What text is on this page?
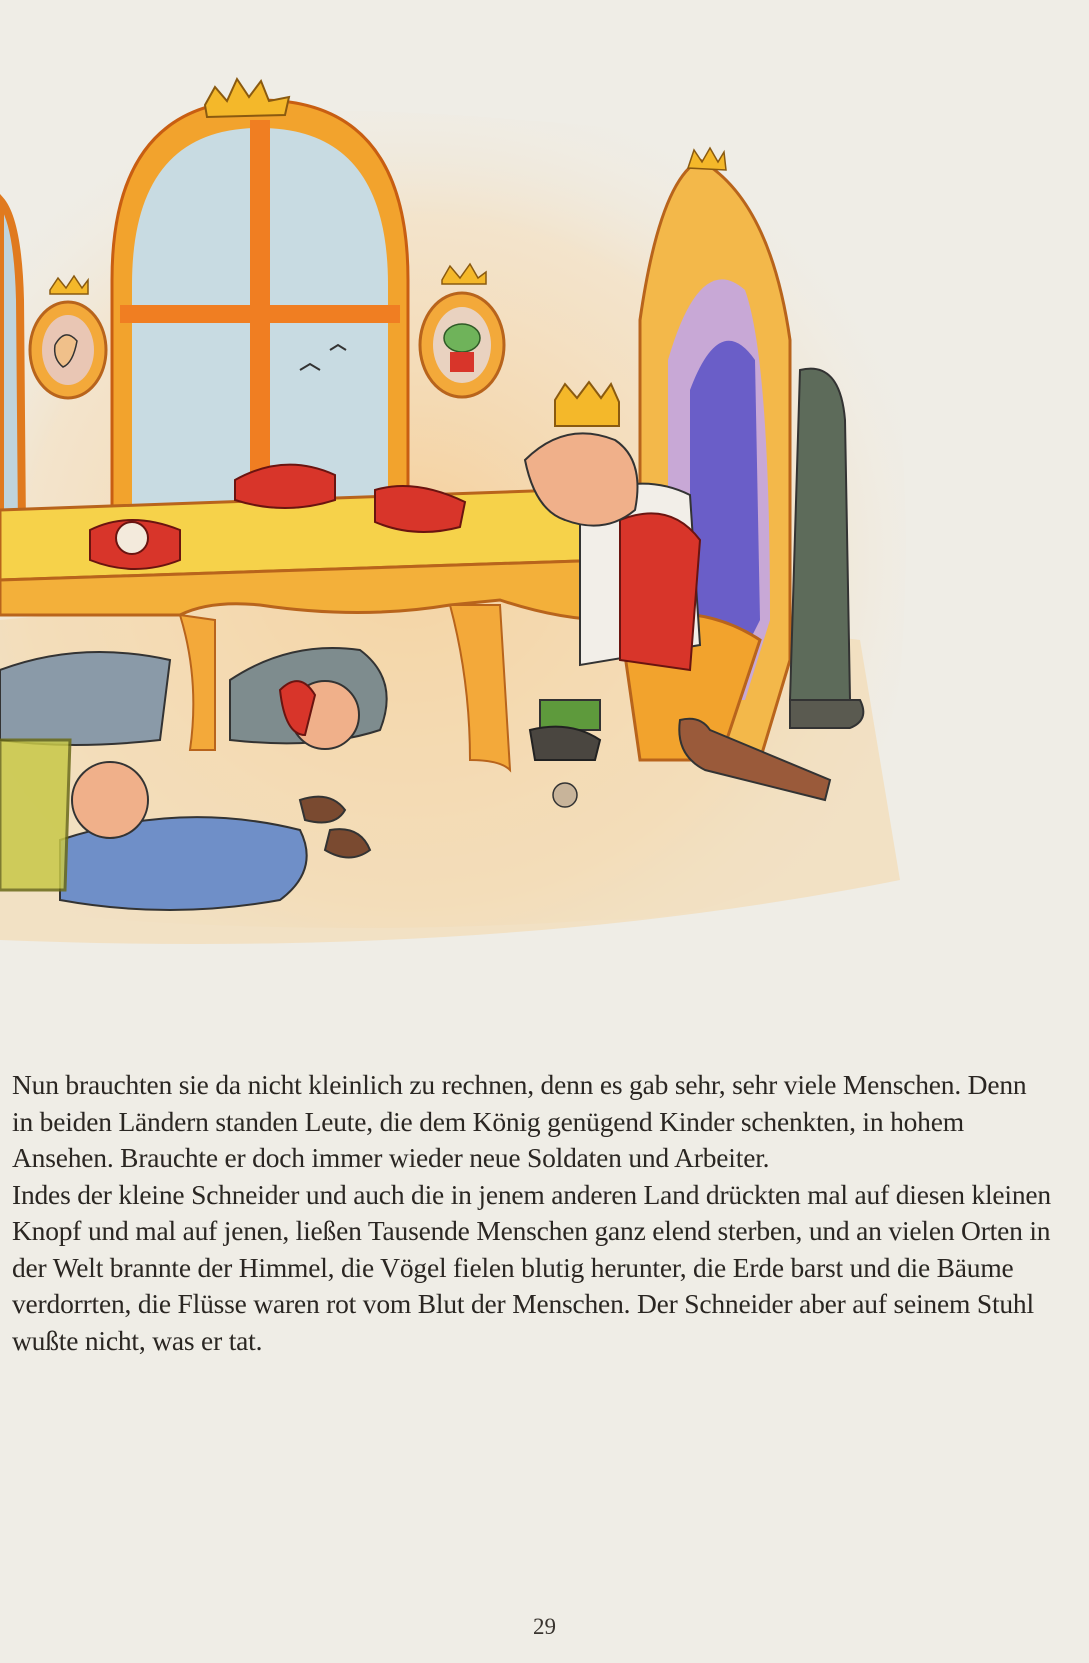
Nun brauchten sie da nicht kleinlich zu rechnen, denn es gab sehr, sehr viele Menschen. Denn in beiden Ländern standen Leute, die dem König genügend Kinder schenkten, in hohem Ansehen. Brauchte er doch immer wieder neue Soldaten und Arbeiter.

Indes der kleine Schneider und auch die in jenem anderen Land drückten mal auf diesen kleinen Knopf und mal auf jenen, ließen Tausende Menschen ganz elend sterben, und an vielen Orten in der Welt brannte der Himmel, die Vögel fielen blutig herunter, die Erde barst und die Bäume verdorrten, die Flüsse waren rot vom Blut der Menschen. Der Schneider aber auf seinem Stuhl wußte nicht, was er tat.

29
